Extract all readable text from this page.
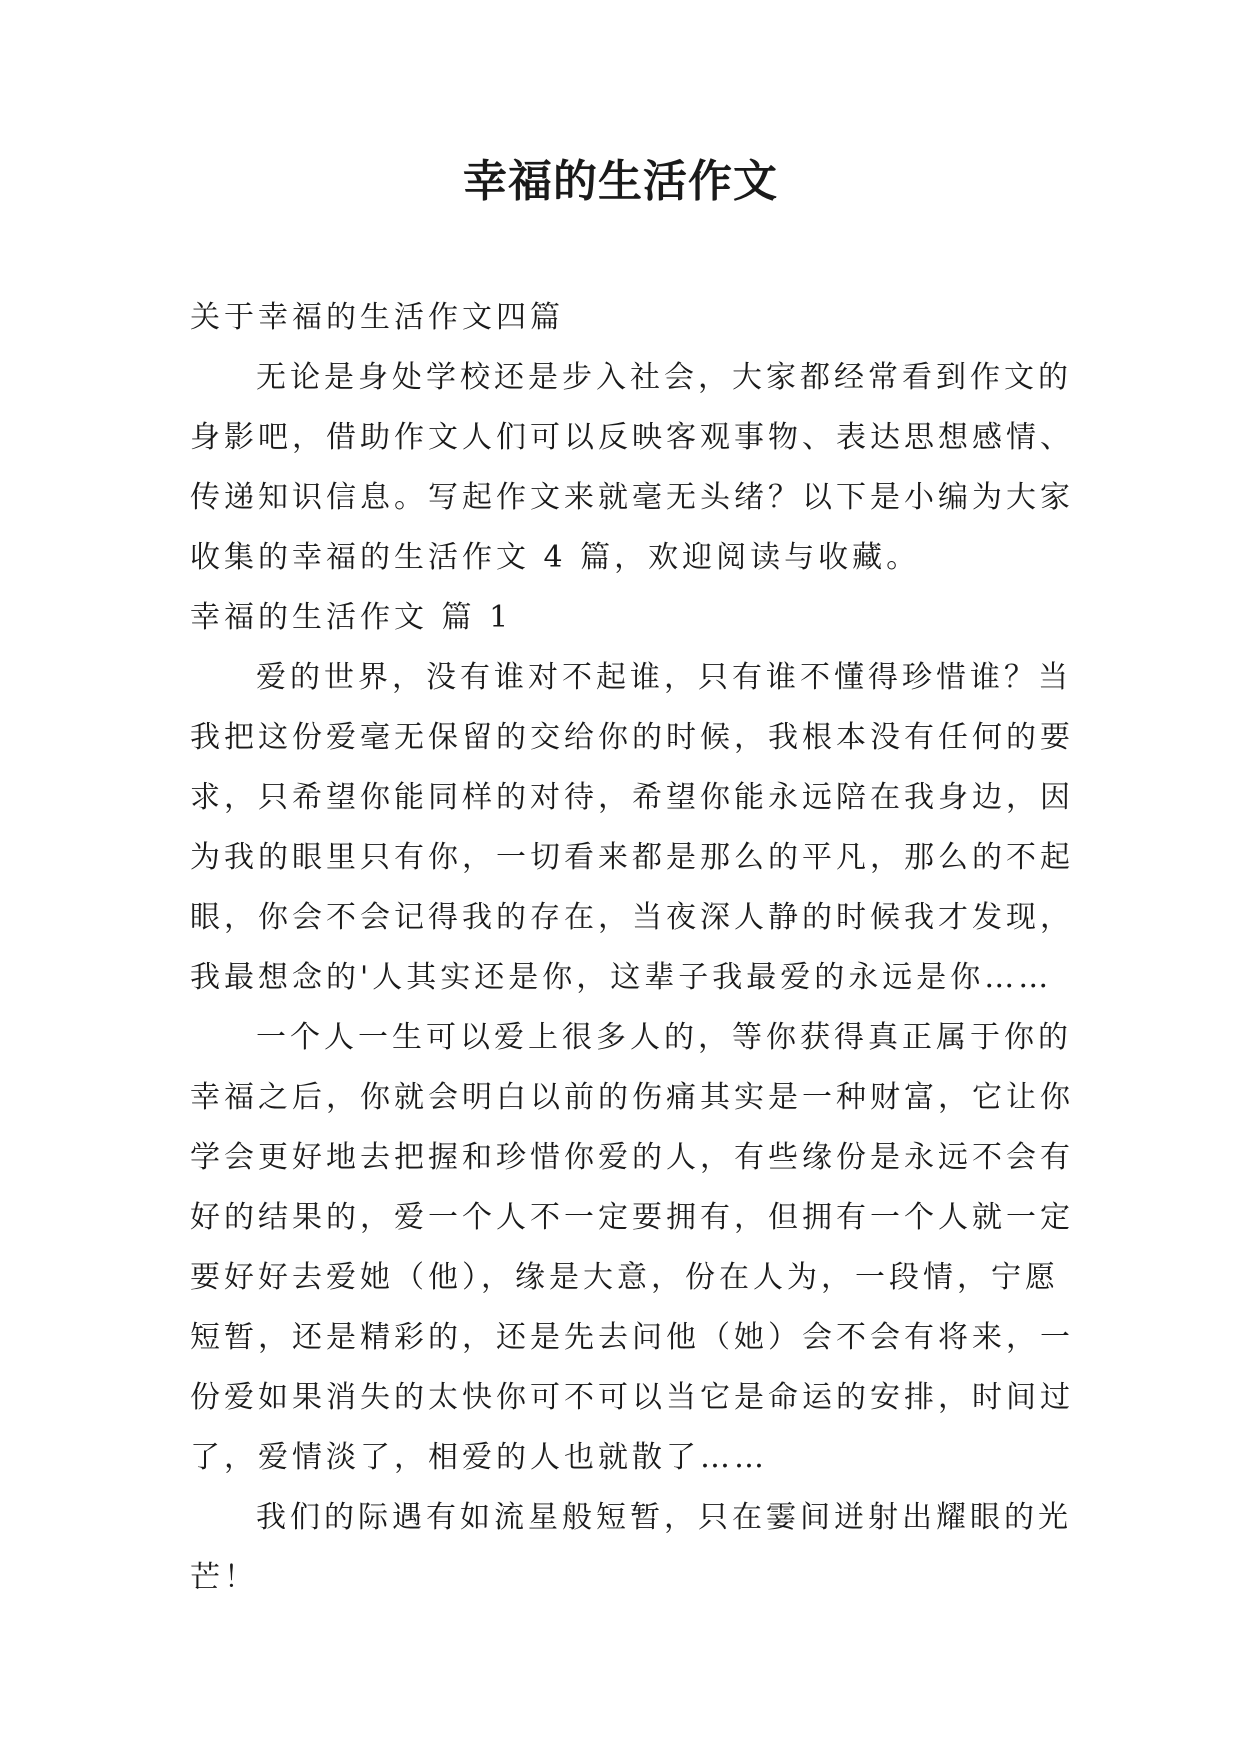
幸福的生活作文
关于幸福的生活作文四篇
无论是身处学校还是步入社会，大家都经常看到作文的
身影吧，借助作文人们可以反映客观事物、表达思想感情、
传递知识信息。写起作文来就毫无头绪？以下是小编为大家
收集的幸福的生活作文 4 篇，欢迎阅读与收藏。
幸福的生活作文 篇 1
爱的世界，没有谁对不起谁，只有谁不懂得珍惜谁？当
我把这份爱毫无保留的交给你的时候，我根本没有任何的要
求，只希望你能同样的对待，希望你能永远陪在我身边，因
为我的眼里只有你，一切看来都是那么的平凡，那么的不起
眼，你会不会记得我的存在，当夜深人静的时候我才发现，
我最想念的'人其实还是你，这辈子我最爱的永远是你……
一个人一生可以爱上很多人的，等你获得真正属于你的
幸福之后，你就会明白以前的伤痛其实是一种财富，它让你
学会更好地去把握和珍惜你爱的人，有些缘份是永远不会有
好的结果的，爱一个人不一定要拥有，但拥有一个人就一定
要好好去爱她（他），缘是大意，份在人为，一段情，宁愿
短暂，还是精彩的，还是先去问他（她）会不会有将来，一
份爱如果消失的太快你可不可以当它是命运的安排，时间过
了，爱情淡了，相爱的人也就散了……
我们的际遇有如流星般短暂，只在霎间迸射出耀眼的光
芒！
